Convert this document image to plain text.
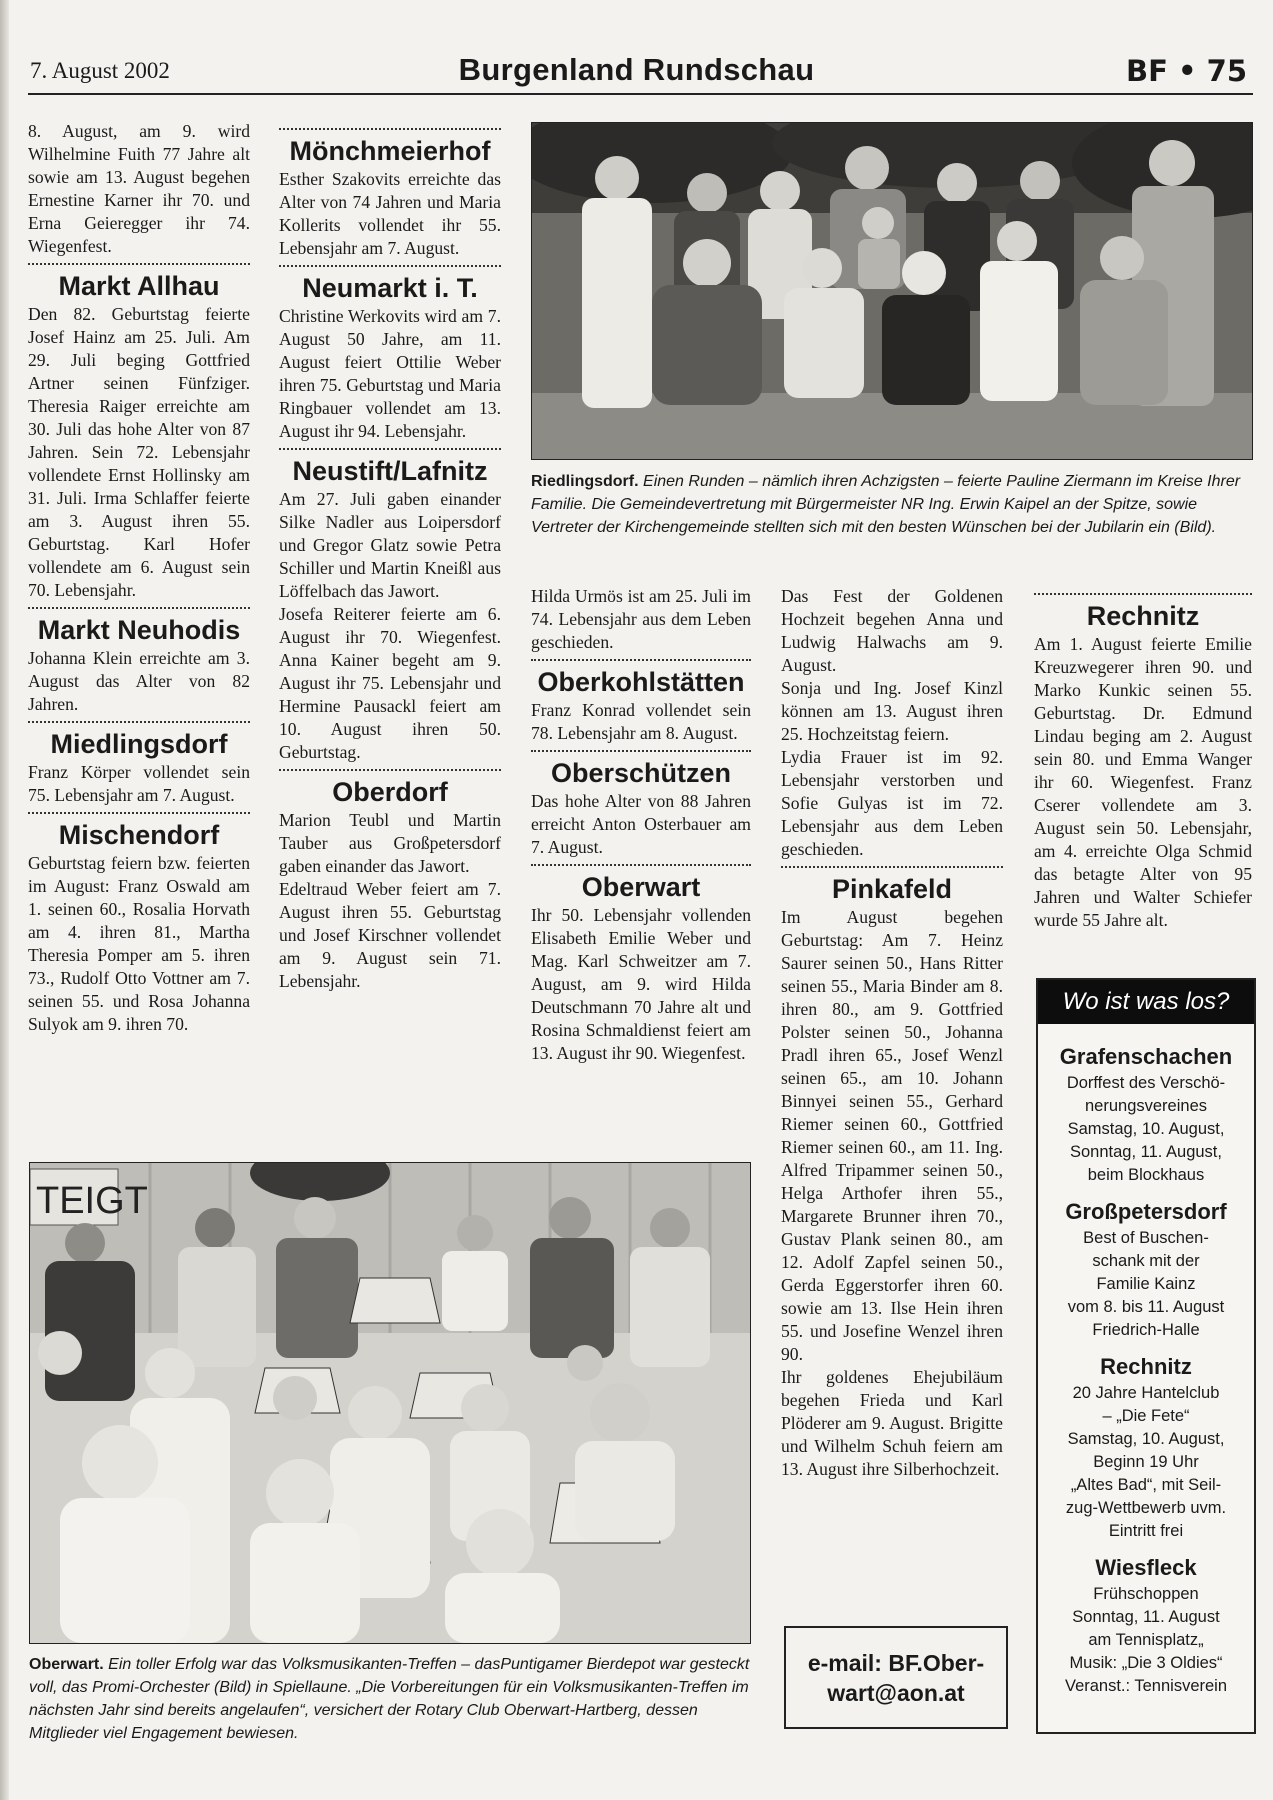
7. August 2002	Burgenland Rundschau	BF • 75

8. August, am 9. wird Wilhelmine Fuith 77 Jahre alt sowie am 13. August begehen Ernestine Karner ihr 70. und Erna Geieregger ihr 74. Wiegenfest.

Markt Allhau

Den 82. Geburtstag feierte Josef Hainz am 25. Juli. Am 29. Juli beging Gottfried Artner seinen Fünfziger. Theresia Raiger erreichte am 30. Juli das hohe Alter von 87 Jahren. Sein 72. Lebensjahr vollendete Ernst Hollinsky am 31. Juli. Irma Schlaffer feierte am 3. August ihren 55. Geburtstag. Karl Hofer vollendete am 6. August sein 70. Lebensjahr.

Markt Neuhodis

Johanna Klein erreichte am 3. August das Alter von 82 Jahren.

Miedlingsdorf

Franz Körper vollendet sein 75. Lebensjahr am 7. August.

Mischendorf

Geburtstag feiern bzw. feierten im August: Franz Oswald am 1. seinen 60., Rosalia Horvath am 4. ihren 81., Martha Theresia Pomper am 5. ihren 73., Rudolf Otto Vottner am 7. seinen 55. und Rosa Johanna Sulyok am 9. ihren 70.

Mönchmeierhof

Esther Szakovits erreichte das Alter von 74 Jahren und Maria Kollerits vollendet ihr 55. Lebensjahr am 7. August.

Neumarkt i. T.

Christine Werkovits wird am 7. August 50 Jahre, am 11. August feiert Ottilie Weber ihren 75. Geburtstag und Maria Ringbauer vollendet am 13. August ihr 94. Lebensjahr.

Neustift/Lafnitz

Am 27. Juli gaben einander Silke Nadler aus Loipersdorf und Gregor Glatz sowie Petra Schiller und Martin Kneißl aus Löffelbach das Jawort.

Josefa Reiterer feierte am 6. August ihr 70. Wiegenfest. Anna Kainer begeht am 9. August ihr 75. Lebensjahr und Hermine Pausackl feiert am 10. August ihren 50. Geburtstag.

Oberdorf

Marion Teubl und Martin Tauber aus Großpetersdorf gaben einander das Jawort.

Edeltraud Weber feiert am 7. August ihren 55. Geburtstag und Josef Kirschner vollendet am 9. August sein 71. Lebensjahr.

Riedlingsdorf. Einen Runden – nämlich ihren Achzigsten – feierte Pauline Ziermann im Kreise Ihrer Familie. Die Gemeindevertretung mit Bürgermeister NR Ing. Erwin Kaipel an der Spitze, sowie Vertreter der Kirchengemeinde stellten sich mit den besten Wünschen bei der Jubilarin ein (Bild).

Hilda Urmös ist am 25. Juli im 74. Lebensjahr aus dem Leben geschieden.

Oberkohlstätten

Franz Konrad vollendet sein 78. Lebensjahr am 8. August.

Oberschützen

Das hohe Alter von 88 Jahren erreicht Anton Osterbauer am 7. August.

Oberwart

Ihr 50. Lebensjahr vollenden Elisabeth Emilie Weber und Mag. Karl Schweitzer am 7. August, am 9. wird Hilda Deutschmann 70 Jahre alt und Rosina Schmaldienst feiert am 13. August ihr 90. Wiegenfest.

Das Fest der Goldenen Hochzeit begehen Anna und Ludwig Halwachs am 9. August.

Sonja und Ing. Josef Kinzl können am 13. August ihren 25. Hochzeitstag feiern.

Lydia Frauer ist im 92. Lebensjahr verstorben und Sofie Gulyas ist im 72. Lebensjahr aus dem Leben geschieden.

Pinkafeld

Im August begehen Geburtstag: Am 7. Heinz Saurer seinen 50., Hans Ritter seinen 55., Maria Binder am 8. ihren 80., am 9. Gottfried Polster seinen 50., Johanna Pradl ihren 65., Josef Wenzl seinen 65., am 10. Johann Binnyei seinen 55., Gerhard Riemer seinen 60., Gottfried Riemer seinen 60., am 11. Ing. Alfred Tripammer seinen 50., Helga Arthofer ihren 55., Margarete Brunner ihren 70., Gustav Plank seinen 80., am 12. Adolf Zapfel seinen 50., Gerda Eggerstorfer ihren 60. sowie am 13. Ilse Hein ihren 55. und Josefine Wenzel ihren 90.

Ihr goldenes Ehejubiläum begehen Frieda und Karl Plöderer am 9. August. Brigitte und Wilhelm Schuh feiern am 13. August ihre Silberhochzeit.

Rechnitz

Am 1. August feierte Emilie Kreuzwegerer ihren 90. und Marko Kunkic seinen 55. Geburtstag. Dr. Edmund Lindau beging am 2. August sein 80. und Emma Wanger ihr 60. Wiegenfest. Franz Cserer vollendete am 3. August sein 50. Lebensjahr, am 4. erreichte Olga Schmid das betagte Alter von 95 Jahren und Walter Schiefer wurde 55 Jahre alt.

TEIGT
Oberwart. Ein toller Erfolg war das Volksmusikanten-Treffen – dasPuntigamer Bierdepot war gesteckt voll, das Promi-Orchester (Bild) in Spiellaune. „Die Vorbereitungen für ein Volksmusikanten-Treffen im nächsten Jahr sind bereits angelaufen“, versichert der Rotary Club Oberwart-Hartberg, dessen Mitglieder viel Engagement bewiesen.
e-mail: BF.Ober-
wart@aon.at
Wo ist was los?
Grafenschachen
Dorffest des Verschö-
nerungsvereines
Samstag, 10. August,
Sonntag, 11. August,
beim Blockhaus
Großpetersdorf
Best of Buschen-
schank mit der
Familie Kainz
vom 8. bis 11. August
Friedrich-Halle
Rechnitz
20 Jahre Hantelclub
– „Die Fete“
Samstag, 10. August,
Beginn 19 Uhr
„Altes Bad“, mit Seil-
zug-Wettbewerb uvm.
Eintritt frei
Wiesfleck
Frühschoppen
Sonntag, 11. August
am Tennisplatz„
Musik: „Die 3 Oldies“
Veranst.: Tennisverein
